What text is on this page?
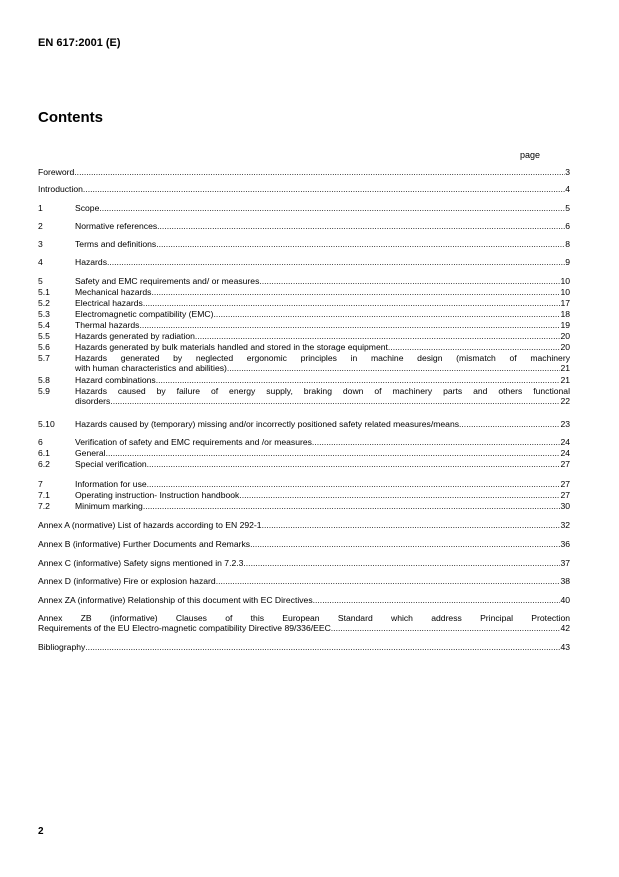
EN 617:2001 (E)
Contents
page
Foreword .....	3
Introduction .....	4
1	Scope .....	5
2	Normative references .....	6
3	Terms and definitions .....	8
4	Hazards .....	9
5	Safety and EMC requirements and/ or measures .....	10
5.1	Mechanical hazards .....	10
5.2	Electrical hazards .....	17
5.3	Electromagnetic compatibility (EMC) .....	18
5.4	Thermal hazards .....	19
5.5	Hazards generated by radiation .....	20
5.6	Hazards generated by bulk materials handled and stored in the storage equipment .....	20
5.7	Hazards generated by neglected ergonomic principles in machine design (mismatch of machinery
with human characteristics and abilities) .....	21
5.8	Hazard combinations .....	21
5.9	Hazards caused by failure of energy supply, braking down of machinery parts and others functional
disorders .....	22
5.10	Hazards caused by (temporary) missing and/or incorrectly positioned safety related measures/means .....	23
6	Verification of safety and EMC requirements and /or measures .....	24
6.1	General .....	24
6.2	Special verification .....	27
7	Information for use .....	27
7.1	Operating instruction- Instruction handbook .....	27
7.2	Minimum marking .....	30
Annex A (normative) List of hazards according to EN 292-1 .....	32
Annex B (informative) Further Documents and Remarks .....	36
Annex C (informative) Safety signs mentioned in 7.2.3 .....	37
Annex D (informative) Fire or explosion hazard .....	38
Annex ZA (informative) Relationship of this document with EC Directives .....	40
Annex ZB (informative) Clauses of this European Standard which address Principal Protection
Requirements of the EU Electro-magnetic compatibility Directive 89/336/EEC .....	42
Bibliography .....	43
2
